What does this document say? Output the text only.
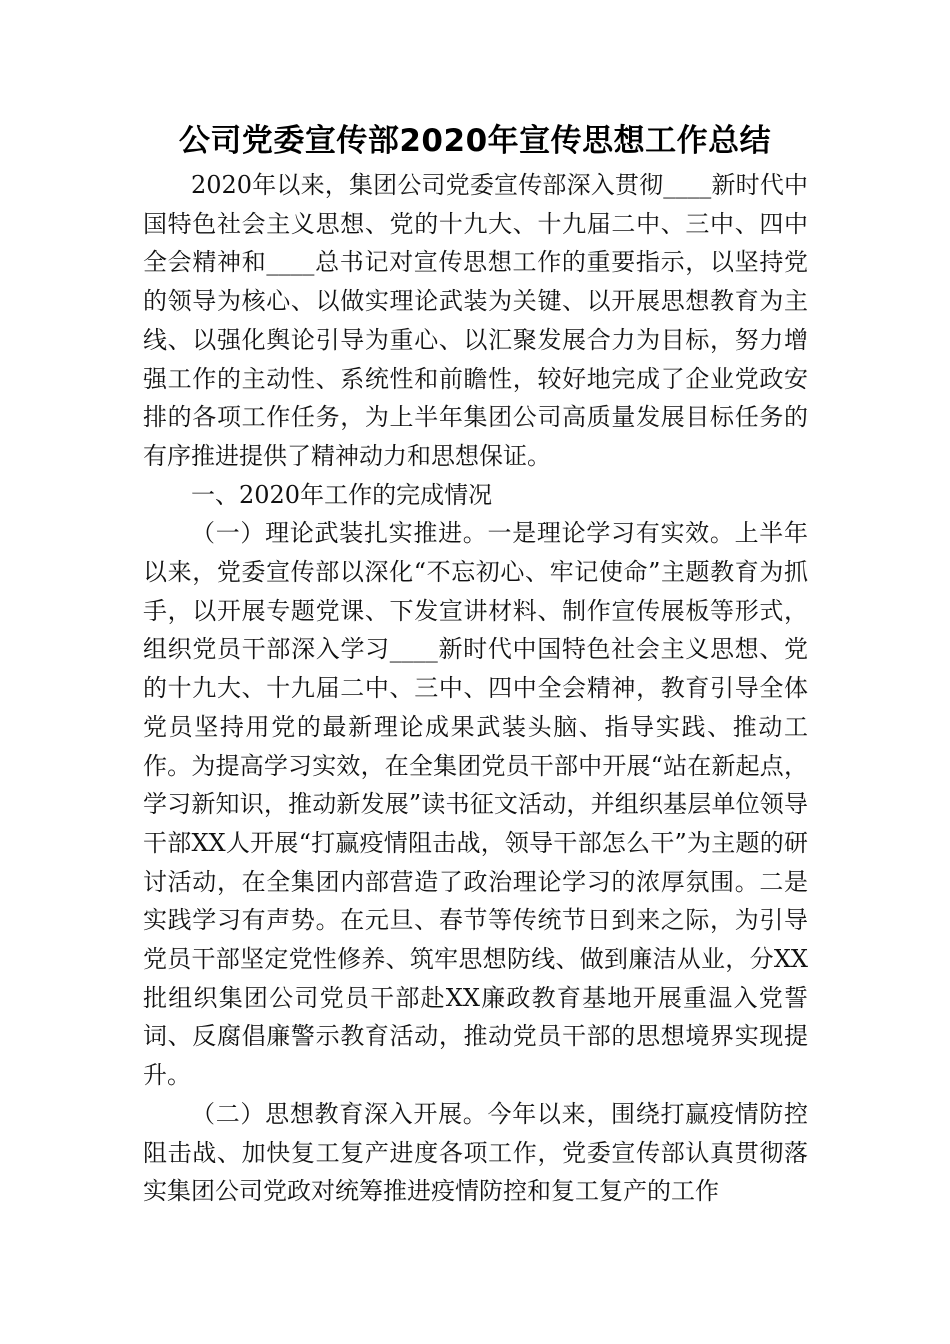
公司党委宣传部2020年宣传思想工作总结

2020年以来，集团公司党委宣传部深入贯彻____新时代中国特色社会主义思想、党的十九大、十九届二中、三中、四中全会精神和____总书记对宣传思想工作的重要指示，以坚持党的领导为核心、以做实理论武装为关键、以开展思想教育为主线、以强化舆论引导为重心、以汇聚发展合力为目标，努力增强工作的主动性、系统性和前瞻性，较好地完成了企业党政安排的各项工作任务，为上半年集团公司高质量发展目标任务的有序推进提供了精神动力和思想保证。

一、2020年工作的完成情况

（一）理论武装扎实推进。一是理论学习有实效。上半年以来，党委宣传部以深化“不忘初心、牢记使命”主题教育为抓手，以开展专题党课、下发宣讲材料、制作宣传展板等形式，组织党员干部深入学习____新时代中国特色社会主义思想、党的十九大、十九届二中、三中、四中全会精神，教育引导全体党员坚持用党的最新理论成果武装头脑、指导实践、推动工作。为提高学习实效，在全集团党员干部中开展“站在新起点，学习新知识，推动新发展”读书征文活动，并组织基层单位领导干部XX人开展“打赢疫情阻击战，领导干部怎么干”为主题的研讨活动，在全集团内部营造了政治理论学习的浓厚氛围。二是实践学习有声势。在元旦、春节等传统节日到来之际，为引导党员干部坚定党性修养、筑牢思想防线、做到廉洁从业，分XX批组织集团公司党员干部赴XX廉政教育基地开展重温入党誓词、反腐倡廉警示教育活动，推动党员干部的思想境界实现提升。

（二）思想教育深入开展。今年以来，围绕打赢疫情防控阻击战、加快复工复产进度各项工作，党委宣传部认真贯彻落实集团公司党政对统筹推进疫情防控和复工复产的工作
